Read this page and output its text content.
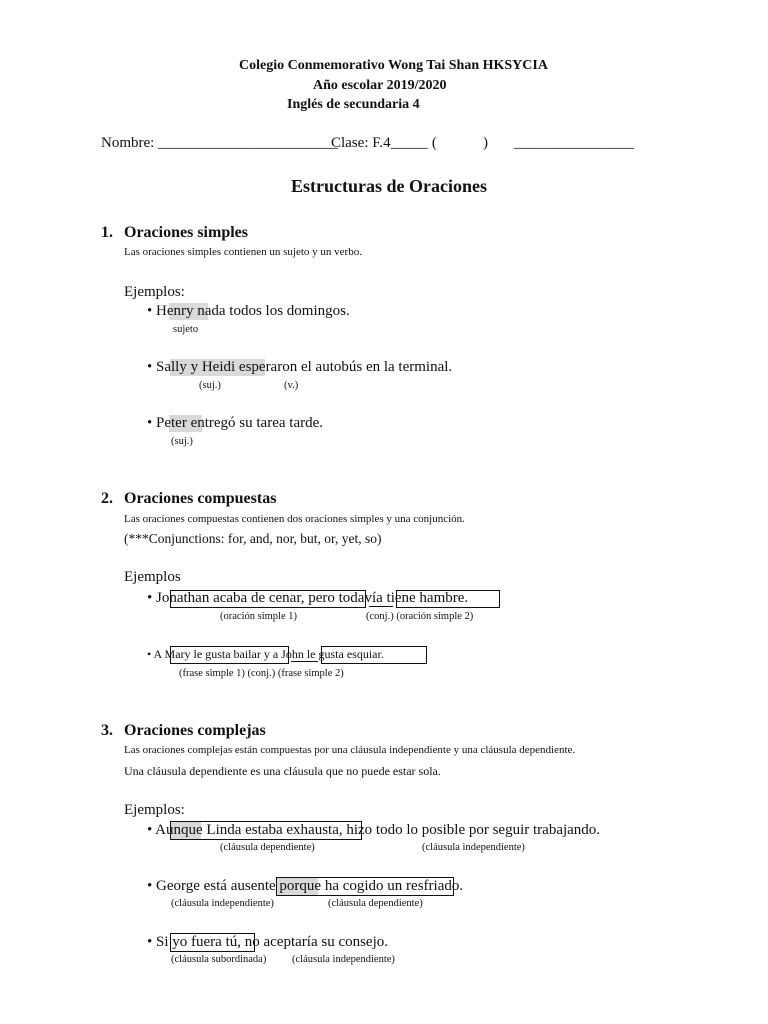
Colegio Conmemorativo Wong Tai Shan HKSYCIA
Año escolar 2019/2020
Inglés de secundaria 4
Nombre: ________________________
Clase: F.4_____ (	) ________________
Estructuras de Oraciones
1. Oraciones simples
Las oraciones simples contienen un sujeto y un verbo.
Ejemplos:
• Henry nada todos los domingos.
sujeto
• Sally y Heidi esperaron el autobús en la terminal.
(suj.)	(v.)
• Peter entregó su tarea tarde.
(suj.)
2. Oraciones compuestas
Las oraciones compuestas contienen dos oraciones simples y una conjunción.
(***Conjunctions: for, and, nor, but, or, yet, so)
Ejemplos
• Jonathan acaba de cenar, pero todavía tiene hambre.
(oración simple 1)	(conj.) (oración simple 2)
• A Mary le gusta bailar y a John le gusta esquiar.
(frase simple 1) (conj.) (frase simple 2)
3. Oraciones complejas
Las oraciones complejas están compuestas por una cláusula independiente y una cláusula dependiente.
Una cláusula dependiente es una cláusula que no puede estar sola.
Ejemplos:
• Aunque Linda estaba exhausta, hizo todo lo posible por seguir trabajando.
(cláusula dependiente)	(cláusula independiente)
• George está ausente porque ha cogido un resfriado.
(cláusula independiente)	(cláusula dependiente)
• Si yo fuera tú, no aceptaría su consejo.
(cláusula subordinada) (cláusula independiente)
